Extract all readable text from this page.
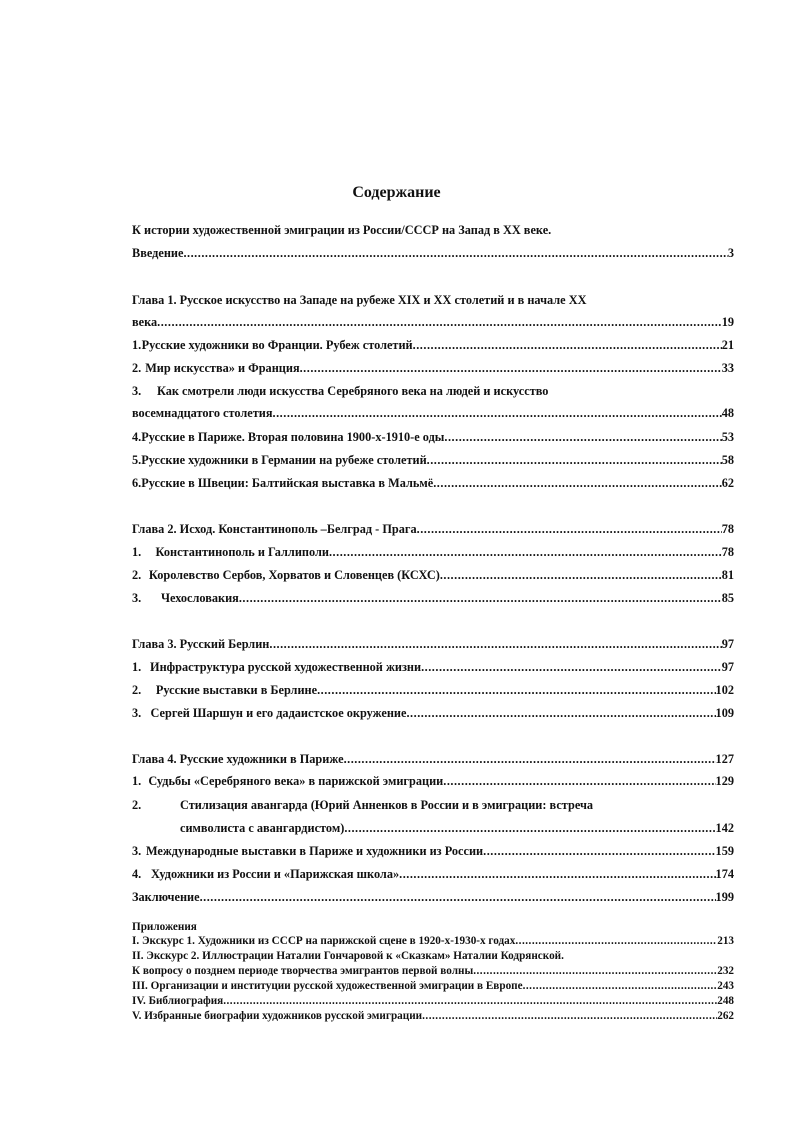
Содержание
К истории художественной эмиграции из России/СССР на Запад в XX веке.
Введение .....	3
Глава 1. Русское искусство на Западе на рубеже XIX и XX столетий и в начале XX
века .....	19
1. Русские художники во Франции. Рубеж столетий .....	21
2. Мир искусства» и Франция .....	33
3.	Как смотрели люди искусства Серебряного века на людей и искусство
восемнадцатого столетия .....	48
4. Русские в Париже. Вторая половина 1900-х-1910-е оды .....	53
5. Русские художники в Германии на рубеже столетий .....	58
6. Русские в Швеции: Балтийская выставка в Мальмё .....	62
Глава 2. Исход. Константинополь –Белград - Прага .....	78
1.	Константинополь и Галлиполи .....	78
2. Королевство Сербов, Хорватов и Словенцев (КСХС) .....	81
3.	Чехословакия .....	85
Глава 3. Русский Берлин .....	97
1. Инфраструктура русской художественной жизни .....	97
2.	Русские выставки в Берлине .....	102
3. Сергей Шаршун и его дадаистское окружение .....	109
Глава 4. Русские художники в Париже .....	127
1. Судьбы «Серебряного века» в парижской эмиграции .....	129
2.	Стилизация авангарда (Юрий Анненков в России и в эмиграции: встреча
символиста с авангардистом) .....	142
3. Международные выставки в Париже и художники из России .....	159
4. Художники из России и «Парижская школа» .....	174
Заключение .....	199
Приложения
I. Экскурс 1. Художники из СССР на парижской сцене в 1920-х-1930-х годах .....	213
II. Экскурс 2. Иллюстрации Наталии Гончаровой к «Сказкам» Наталии Кодрянской.
К вопросу о позднем периоде творчества эмигрантов первой волны .....	232
III. Организации и институции русской художественной эмиграции в Европе .....	243
IV. Библиография .....	248
V. Избранные биографии художников русской эмиграции .....	262
